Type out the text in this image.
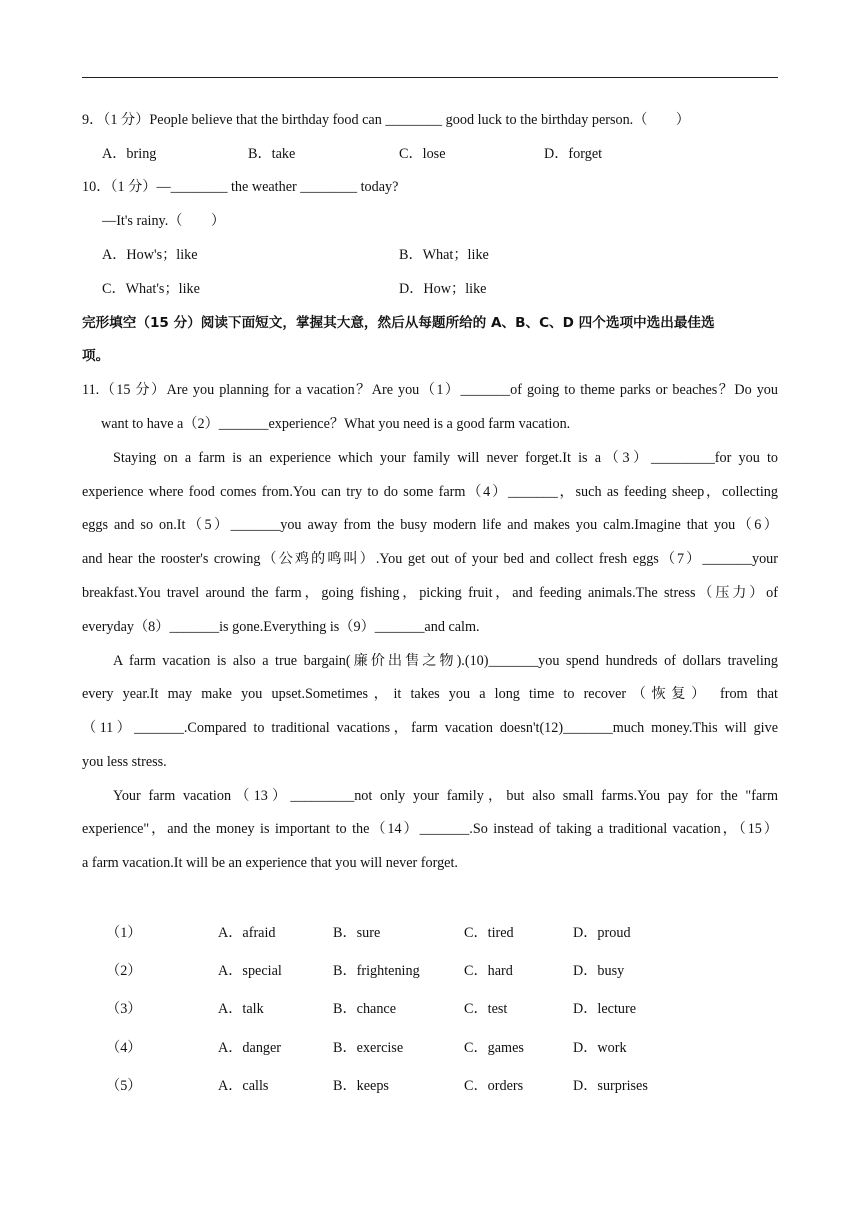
9．（1 分）People believe that the birthday food can ________ good luck to the birthday person.（　　）
A．bring	B．take	C．lose	D．forget
10．（1 分）—________ the weather ________ today?
—It's rainy.（　　）
A．How's；like	B．What；like
C．What's；like	D．How；like
完形填空（15 分）阅读下面短文，掌握其大意，然后从每题所给的 A、B、C、D 四个选项中选出最佳选
项。
11.（15 分）Are you planning for a vacation？Are you（1）_______of going to theme parks or beaches？Do you
want to have a（2）_______experience？What you need is a good farm vacation.
Staying on a farm is an experience which your family will never forget.It is a（3）_________for you to
experience where food comes from.You can try to do some farm（4）_______，such as feeding sheep，collecting
eggs and so on.It（5）_______you away from the busy modern life and makes you calm.Imagine that you（6）
and hear the rooster's crowing（公鸡的鸣叫）.You get out of your bed and collect fresh eggs（7）_______your
breakfast.You travel around the farm，going fishing，picking fruit，and feeding animals.The stress（压力）of
everyday（8）_______is gone.Everything is（9）_______and calm.
A farm vacation is also a true bargain(廉价出售之物).(10)_______you spend hundreds of dollars traveling
every year.It may make you upset.Sometimes，it takes you a long time to recover（恢复） from that
（11）_______.Compared to traditional vacations，farm vacation doesn't(12)_______much money.This will give
you less stress.
Your farm vacation（13）_________not only your family，but also small farms.You pay for the "farm
experience"，and the money is important to the（14）_______.So instead of taking a traditional vacation，（15）
a farm vacation.It will be an experience that you will never forget.
（1）	A．afraid	B．sure	C．tired	D．proud
（2）	A．special	B．frightening	C．hard	D．busy
（3）	A．talk	B．chance	C．test	D．lecture
（4）	A．danger	B．exercise	C．games	D．work
（5）	A．calls	B．keeps	C．orders	D．surprises
